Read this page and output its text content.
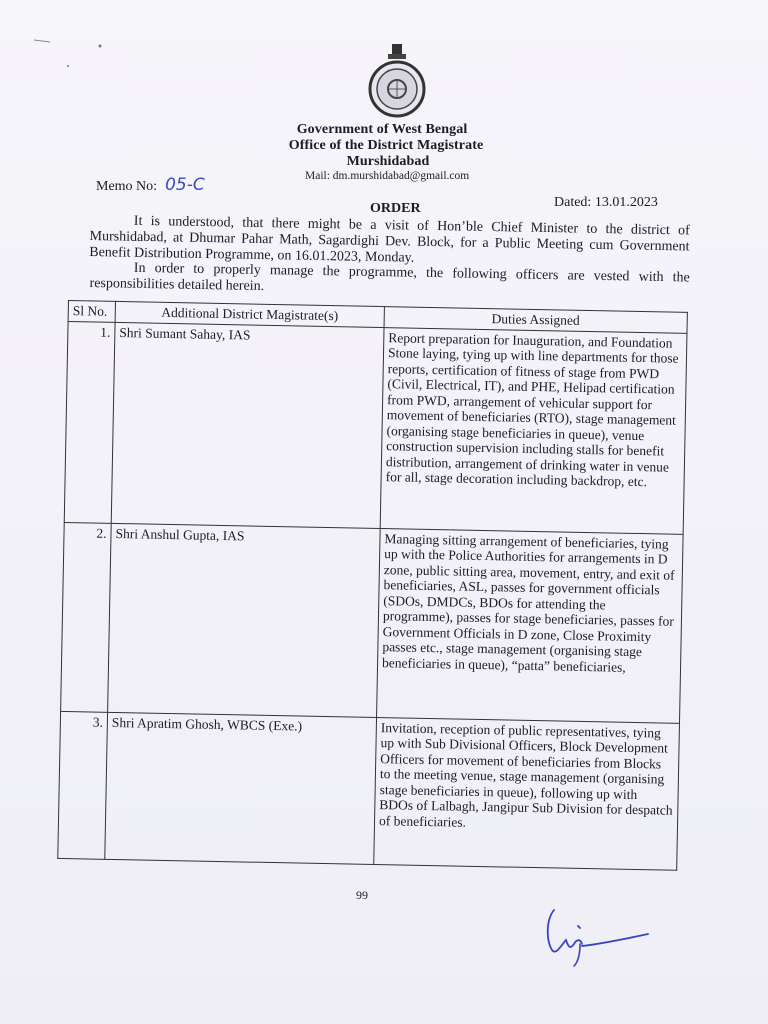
Government of West Bengal
Office of the District Magistrate
Murshidabad
Mail: dm.murshidabad@gmail.com
Memo No: 05-C
Dated: 13.01.2023
ORDER
It is understood, that there might be a visit of Hon’ble Chief Minister to the district of Murshidabad, at Dhumar Pahar Math, Sagardighi Dev. Block, for a Public Meeting cum Government Benefit Distribution Programme, on 16.01.2023, Monday.
In order to properly manage the programme, the following officers are vested with the responsibilities detailed herein.
Sl No.	Additional District Magistrate(s)	Duties Assigned
1.	Shri Sumant Sahay, IAS	Report preparation for Inauguration, and Foundation Stone laying, tying up with line departments for those reports, certification of fitness of stage from PWD (Civil, Electrical, IT), and PHE, Helipad certification from PWD, arrangement of vehicular support for movement of beneficiaries (RTO), stage management (organising stage beneficiaries in queue), venue construction supervision including stalls for benefit distribution, arrangement of drinking water in venue for all, stage decoration including backdrop, etc.
2.	Shri Anshul Gupta, IAS	Managing sitting arrangement of beneficiaries, tying up with the Police Authorities for arrangements in D zone, public sitting area, movement, entry, and exit of beneficiaries, ASL, passes for government officials (SDOs, DMDCs, BDOs for attending the programme), passes for stage beneficiaries, passes for Government Officials in D zone, Close Proximity passes etc., stage management (organising stage beneficiaries in queue), “patta” beneficiaries,
3.	Shri Apratim Ghosh, WBCS (Exe.)	Invitation, reception of public representatives, tying up with Sub Divisional Officers, Block Development Officers for movement of beneficiaries from Blocks to the meeting venue, stage management (organising stage beneficiaries in queue), following up with BDOs of Lalbagh, Jangipur Sub Division for despatch of beneficiaries.
99
